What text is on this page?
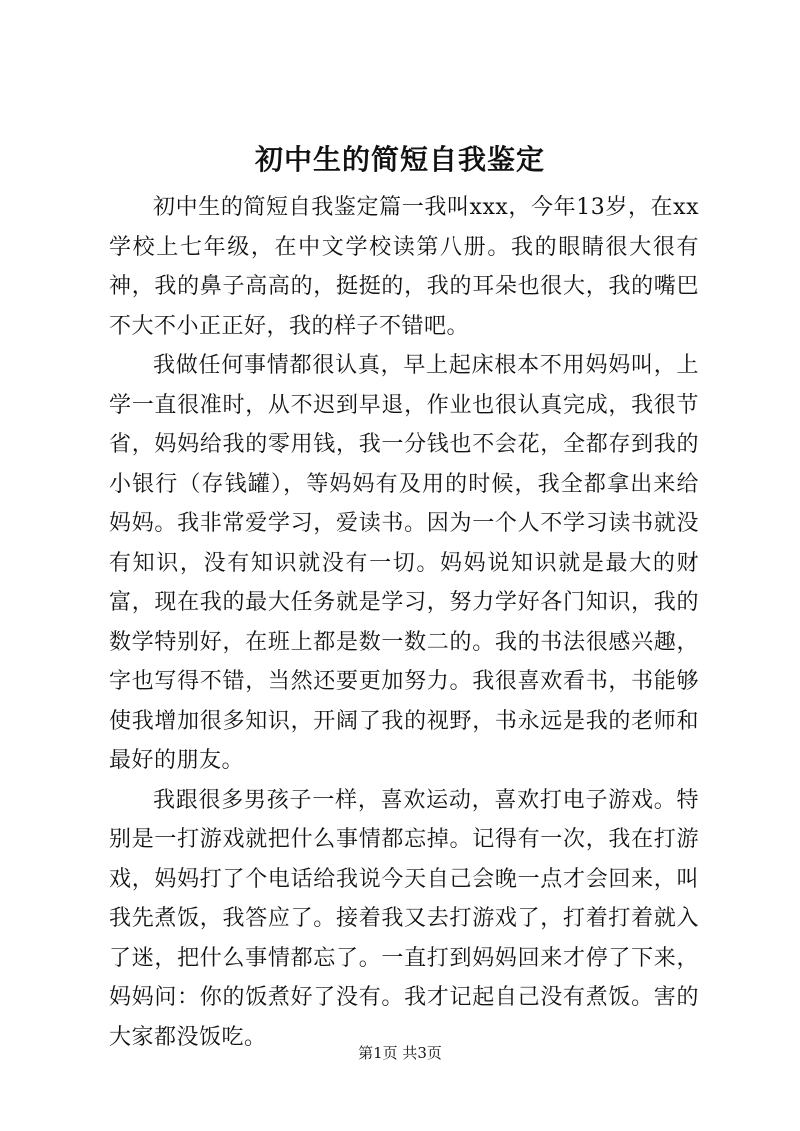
初中生的简短自我鉴定

初中生的简短自我鉴定篇一我叫xxx，今年13岁，在xx学校上七年级，在中文学校读第八册。我的眼睛很大很有神，我的鼻子高高的，挺挺的，我的耳朵也很大，我的嘴巴不大不小正正好，我的样子不错吧。

我做任何事情都很认真，早上起床根本不用妈妈叫，上学一直很准时，从不迟到早退，作业也很认真完成，我很节省，妈妈给我的零用钱，我一分钱也不会花，全都存到我的小银行（存钱罐），等妈妈有及用的时候，我全都拿出来给妈妈。我非常爱学习，爱读书。因为一个人不学习读书就没有知识，没有知识就没有一切。妈妈说知识就是最大的财富，现在我的最大任务就是学习，努力学好各门知识，我的数学特别好，在班上都是数一数二的。我的书法很感兴趣，字也写得不错，当然还要更加努力。我很喜欢看书，书能够使我增加很多知识，开阔了我的视野，书永远是我的老师和最好的朋友。

我跟很多男孩子一样，喜欢运动，喜欢打电子游戏。特别是一打游戏就把什么事情都忘掉。记得有一次，我在打游戏，妈妈打了个电话给我说今天自己会晚一点才会回来，叫我先煮饭，我答应了。接着我又去打游戏了，打着打着就入了迷，把什么事情都忘了。一直打到妈妈回来才停了下来，妈妈问：你的饭煮好了没有。我才记起自己没有煮饭。害的大家都没饭吃。

第1页 共3页
